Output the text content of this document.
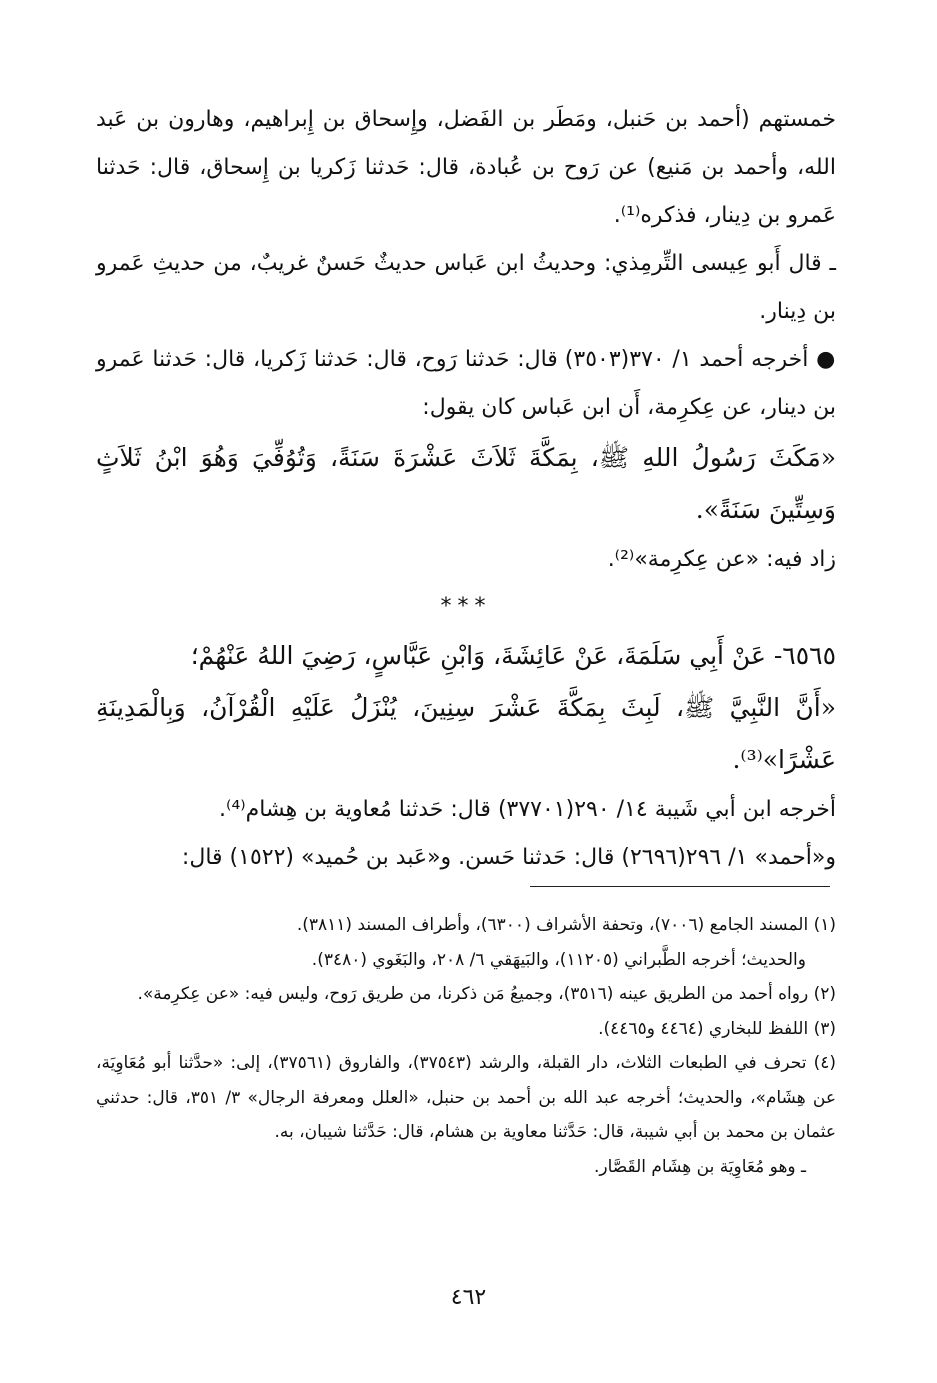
خمستهم (أحمد بن حَنبل، ومَطَر بن الفَضل، وإِسحاق بن إِبراهيم، وهارون بن عَبد الله، وأحمد بن مَنيع) عن رَوح بن عُبادة، قال: حَدثنا زَكريا بن إِسحاق، قال: حَدثنا عَمرو بن دِينار، فذكره⁽¹⁾.

ـ قال أَبو عِيسى التِّرمِذي: وحديثُ ابن عَباس حديثٌ حَسنٌ غريبٌ، من حديثِ عَمرو بن دِينار.

● أخرجه أحمد ١/ ٣٧٠(٣٥٠٣) قال: حَدثنا رَوح، قال: حَدثنا زَكريا، قال: حَدثنا عَمرو بن دينار، عن عِكرِمة، أَن ابن عَباس كان يقول:

«مَكَثَ رَسُولُ اللهِ ﷺ، بِمَكَّةَ ثَلاَثَ عَشْرَةَ سَنَةً، وَتُوُفِّيَ وَهُوَ ابْنُ ثَلاَثٍ وَسِتِّينَ سَنَةً».

زاد فيه: «عن عِكرِمة»⁽²⁾.

***

٦٥٦٥- عَنْ أَبِي سَلَمَةَ، عَنْ عَائِشَةَ، وَابْنِ عَبَّاسٍ، رَضِيَ اللهُ عَنْهُمْ؛

«أَنَّ النَّبِيَّ ﷺ، لَبِثَ بِمَكَّةَ عَشْرَ سِنِينَ، يُنْزَلُ عَلَيْهِ الْقُرْآنُ، وَبِالْمَدِينَةِ عَشْرًا»⁽³⁾.

أخرجه ابن أبي شَيبة ١٤/ ٢٩٠(٣٧٧٠١) قال: حَدثنا مُعاوية بن هِشام⁽⁴⁾.

و«أحمد» ١/ ٢٩٦(٢٦٩٦) قال: حَدثنا حَسن. و«عَبد بن حُميد» (١٥٢٢) قال:

(١) المسند الجامع (٧٠٠٦)، وتحفة الأشراف (٦٣٠٠)، وأطراف المسند (٣٨١١).

والحديث؛ أخرجه الطَّبراني (١١٢٠٥)، والبَيهَقي ٦/ ٢٠٨، والبَغَوي (٣٤٨٠).

(٢) رواه أحمد من الطريق عينه (٣٥١٦)، وجميعُ مَن ذكرنا، من طريق رَوح، وليس فيه: «عن عِكرِمة».

(٣) اللفظ للبخاري (٤٤٦٤ و٤٤٦٥).

(٤) تحرف في الطبعات الثلاث، دار القبلة، والرشد (٣٧٥٤٣)، والفاروق (٣٧٥٦١)، إلى: «حدَّثنا أبو مُعَاوِيَة، عن هِشَام»، والحديث؛ أخرجه عبد الله بن أحمد بن حنبل، «العلل ومعرفة الرجال» ٣/ ٣٥١، قال: حدثني عثمان بن محمد بن أبي شيبة، قال: حَدَّثنا معاوية بن هشام، قال: حَدَّثنا شيبان، به.

ـ وهو مُعَاوِيَة بن هِشَام القَصَّار.

٤٦٢
